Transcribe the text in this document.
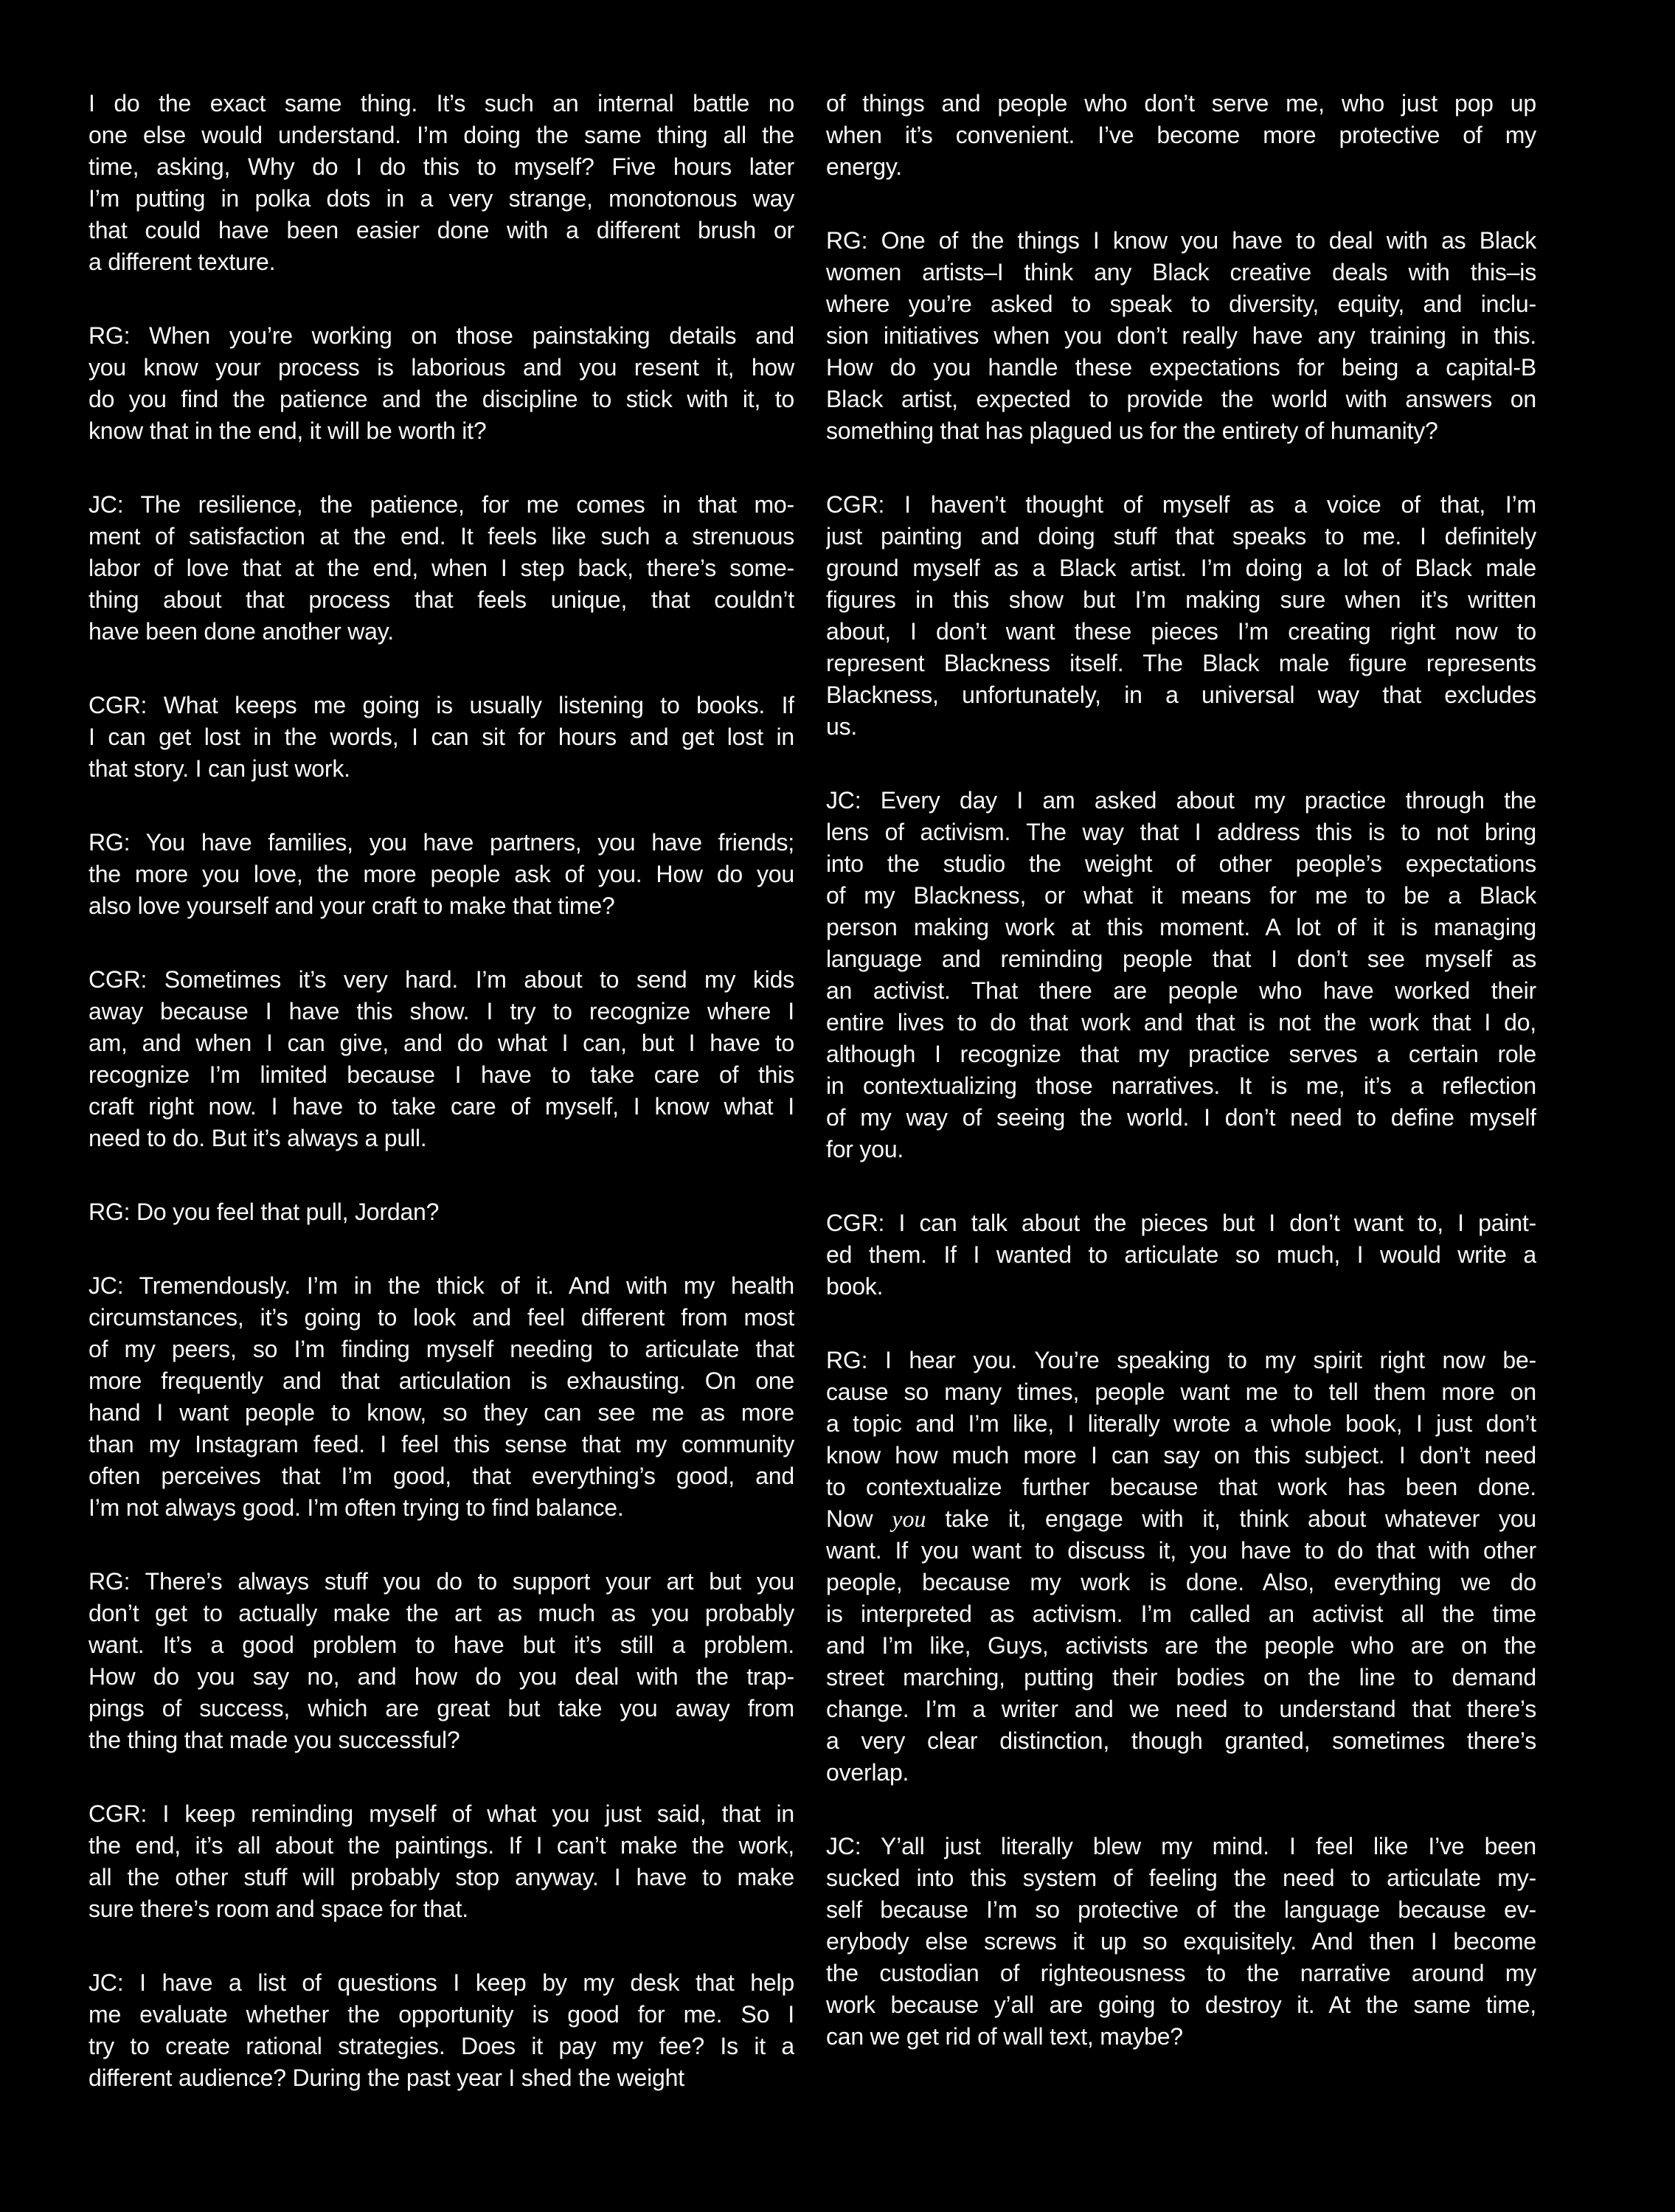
I do the exact same thing. It’s such an internal battle no
one else would understand. I’m doing the same thing all the
time, asking, Why do I do this to myself? Five hours later
I’m putting in polka dots in a very strange, monotonous way
that could have been easier done with a different brush or
a different texture.
RG: When you’re working on those painstaking details and
you know your process is laborious and you resent it, how
do you find the patience and the discipline to stick with it, to
know that in the end, it will be worth it?
JC: The resilience, the patience, for me comes in that mo-
ment of satisfaction at the end. It feels like such a strenuous
labor of love that at the end, when I step back, there’s some-
thing about that process that feels unique, that couldn’t
have been done another way.
CGR: What keeps me going is usually listening to books. If
I can get lost in the words, I can sit for hours and get lost in
that story. I can just work.
RG: You have families, you have partners, you have friends;
the more you love, the more people ask of you. How do you
also love yourself and your craft to make that time?
CGR: Sometimes it’s very hard. I’m about to send my kids
away because I have this show. I try to recognize where I
am, and when I can give, and do what I can, but I have to
recognize I’m limited because I have to take care of this
craft right now. I have to take care of myself, I know what I
need to do. But it’s always a pull.
RG: Do you feel that pull, Jordan?
JC: Tremendously. I’m in the thick of it. And with my health
circumstances, it’s going to look and feel different from most
of my peers, so I’m finding myself needing to articulate that
more frequently and that articulation is exhausting. On one
hand I want people to know, so they can see me as more
than my Instagram feed. I feel this sense that my community
often perceives that I’m good, that everything’s good, and
I’m not always good. I’m often trying to find balance.
RG: There’s always stuff you do to support your art but you
don’t get to actually make the art as much as you probably
want. It’s a good problem to have but it’s still a problem.
How do you say no, and how do you deal with the trap-
pings of success, which are great but take you away from
the thing that made you successful?
CGR: I keep reminding myself of what you just said, that in
the end, it’s all about the paintings. If I can’t make the work,
all the other stuff will probably stop anyway. I have to make
sure there’s room and space for that.
JC: I have a list of questions I keep by my desk that help
me evaluate whether the opportunity is good for me. So I
try to create rational strategies. Does it pay my fee? Is it a
different audience? During the past year I shed the weight
of things and people who don’t serve me, who just pop up
when it’s convenient. I’ve become more protective of my
energy.
RG: One of the things I know you have to deal with as Black
women artists–I think any Black creative deals with this–is
where you’re asked to speak to diversity, equity, and inclu-
sion initiatives when you don’t really have any training in this.
How do you handle these expectations for being a capital-B
Black artist, expected to provide the world with answers on
something that has plagued us for the entirety of humanity?
CGR: I haven’t thought of myself as a voice of that, I’m
just painting and doing stuff that speaks to me. I definitely
ground myself as a Black artist. I’m doing a lot of Black male
figures in this show but I’m making sure when it’s written
about, I don’t want these pieces I’m creating right now to
represent Blackness itself. The Black male figure represents
Blackness, unfortunately, in a universal way that excludes
us.
JC: Every day I am asked about my practice through the
lens of activism. The way that I address this is to not bring
into the studio the weight of other people’s expectations
of my Blackness, or what it means for me to be a Black
person making work at this moment. A lot of it is managing
language and reminding people that I don’t see myself as
an activist. That there are people who have worked their
entire lives to do that work and that is not the work that I do,
although I recognize that my practice serves a certain role
in contextualizing those narratives. It is me, it’s a reflection
of my way of seeing the world. I don’t need to define myself
for you.
CGR: I can talk about the pieces but I don’t want to, I paint-
ed them. If I wanted to articulate so much, I would write a
book.
RG: I hear you. You’re speaking to my spirit right now be-
cause so many times, people want me to tell them more on
a topic and I’m like, I literally wrote a whole book, I just don’t
know how much more I can say on this subject. I don’t need
to contextualize further because that work has been done.
Now you take it, engage with it, think about whatever you
want. If you want to discuss it, you have to do that with other
people, because my work is done. Also, everything we do
is interpreted as activism. I’m called an activist all the time
and I’m like, Guys, activists are the people who are on the
street marching, putting their bodies on the line to demand
change. I’m a writer and we need to understand that there’s
a very clear distinction, though granted, sometimes there’s
overlap.
JC: Y’all just literally blew my mind. I feel like I’ve been
sucked into this system of feeling the need to articulate my-
self because I’m so protective of the language because ev-
erybody else screws it up so exquisitely. And then I become
the custodian of righteousness to the narrative around my
work because y’all are going to destroy it. At the same time,
can we get rid of wall text, maybe?
